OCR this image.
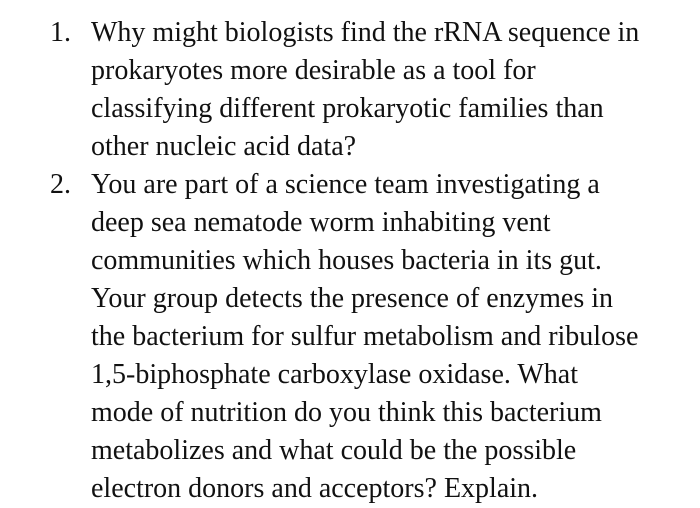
1. Why might biologists find the rRNA sequence in
prokaryotes more desirable as a tool for
classifying different prokaryotic families than
other nucleic acid data?
2. You are part of a science team investigating a
deep sea nematode worm inhabiting vent
communities which houses bacteria in its gut.
Your group detects the presence of enzymes in
the bacterium for sulfur metabolism and ribulose
1,5-biphosphate carboxylase oxidase. What
mode of nutrition do you think this bacterium
metabolizes and what could be the possible
electron donors and acceptors? Explain.
